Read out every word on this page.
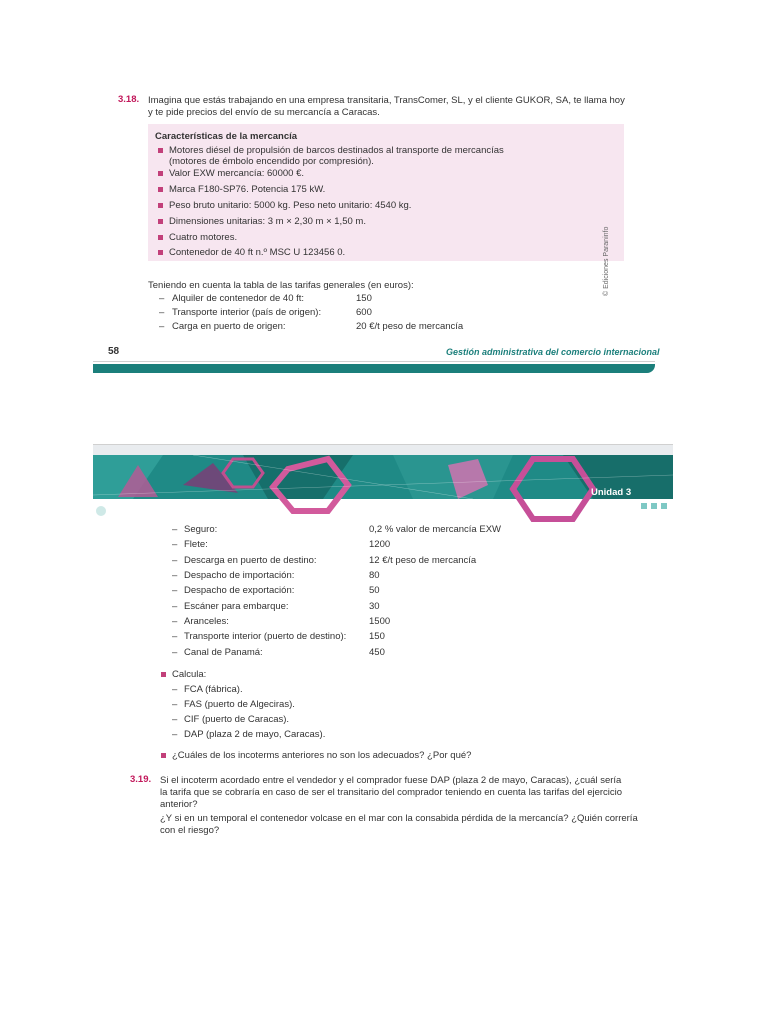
3.18. Imagina que estás trabajando en una empresa transitaria, TransComer, SL, y el cliente GUKOR, SA, te llama hoy
y te pide precios del envío de su mercancía a Caracas.
Características de la mercancía
Motores diésel de propulsión de barcos destinados al transporte de mercancías
(motores de émbolo encendido por compresión).
Valor EXW mercancía: 60000 €.
Marca F180-SP76. Potencia 175 kW.
Peso bruto unitario: 5000 kg. Peso neto unitario: 4540 kg.
Dimensiones unitarias: 3 m × 2,30 m × 1,50 m.
Cuatro motores.
Contenedor de 40 ft n.º MSC U 123456 0.
Teniendo en cuenta la tabla de las tarifas generales (en euros):
– Alquiler de contenedor de 40 ft:	150
– Transporte interior (país de origen):	600
– Carga en puerto de origen:	20 €/t peso de mercancía
© Ediciones Paraninfo
58	Gestión administrativa del comercio internacional
Unidad 3
– Seguro:	0,2 % valor de mercancía EXW
– Flete:	1200
– Descarga en puerto de destino:	12 €/t peso de mercancía
– Despacho de importación:	80
– Despacho de exportación:	50
– Escáner para embarque:	30
– Aranceles:	1500
– Transporte interior (puerto de destino): 150
– Canal de Panamá:	450
Calcula:
– FCA (fábrica).
– FAS (puerto de Algeciras).
– CIF (puerto de Caracas).
– DAP (plaza 2 de mayo, Caracas).
¿Cuáles de los incoterms anteriores no son los adecuados? ¿Por qué?
3.19. Si el incoterm acordado entre el vendedor y el comprador fuese DAP (plaza 2 de mayo, Caracas), ¿cuál sería
la tarifa que se cobraría en caso de ser el transitario del comprador teniendo en cuenta las tarifas del ejercicio
anterior?
¿Y si en un temporal el contenedor volcase en el mar con la consabida pérdida de la mercancía? ¿Quién correría
con el riesgo?
